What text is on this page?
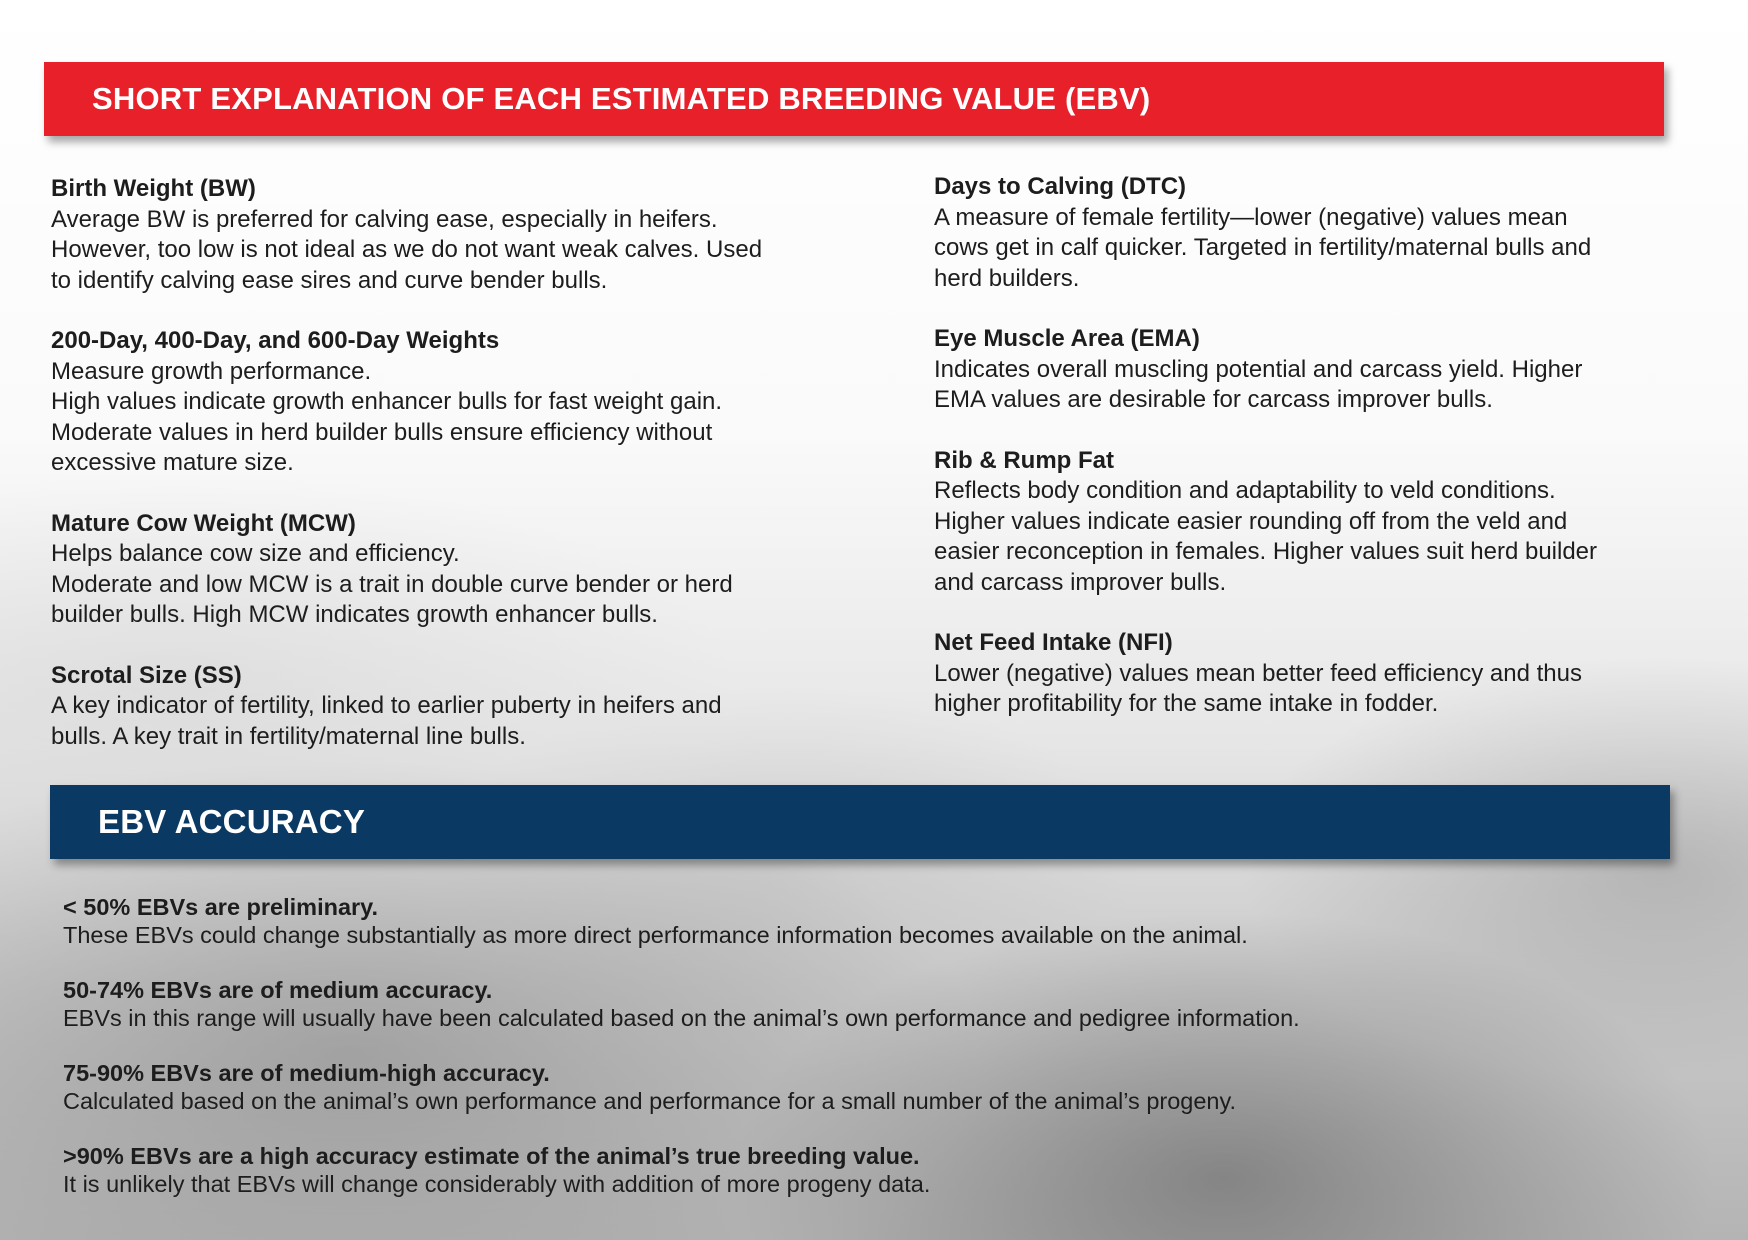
SHORT EXPLANATION OF EACH ESTIMATED BREEDING VALUE (EBV)
Birth Weight (BW)
Average BW is preferred for calving ease, especially in heifers.
However, too low is not ideal as we do not want weak calves. Used
to identify calving ease sires and curve bender bulls.
200-Day, 400-Day, and 600-Day Weights
Measure growth performance.
High values indicate growth enhancer bulls for fast weight gain.
Moderate values in herd builder bulls ensure efficiency without
excessive mature size.
Mature Cow Weight (MCW)
Helps balance cow size and efficiency.
Moderate and low MCW is a trait in double curve bender or herd
builder bulls. High MCW indicates growth enhancer bulls.
Scrotal Size (SS)
A key indicator of fertility, linked to earlier puberty in heifers and
bulls. A key trait in fertility/maternal line bulls.
Days to Calving (DTC)
A measure of female fertility—lower (negative) values mean
cows get in calf quicker. Targeted in fertility/maternal bulls and
herd builders.
Eye Muscle Area (EMA)
Indicates overall muscling potential and carcass yield. Higher
EMA values are desirable for carcass improver bulls.
Rib & Rump Fat
Reflects body condition and adaptability to veld conditions.
Higher values indicate easier rounding off from the veld and
easier reconception in females. Higher values suit herd builder
and carcass improver bulls.
Net Feed Intake (NFI)
Lower (negative) values mean better feed efficiency and thus
higher profitability for the same intake in fodder.
EBV ACCURACY
< 50% EBVs are preliminary.
These EBVs could change substantially as more direct performance information becomes available on the animal.
50-74% EBVs are of medium accuracy.
EBVs in this range will usually have been calculated based on the animal’s own performance and pedigree information.
75-90% EBVs are of medium-high accuracy.
Calculated based on the animal’s own performance and performance for a small number of the animal’s progeny.
>90% EBVs are a high accuracy estimate of the animal’s true breeding value.
It is unlikely that EBVs will change considerably with addition of more progeny data.
